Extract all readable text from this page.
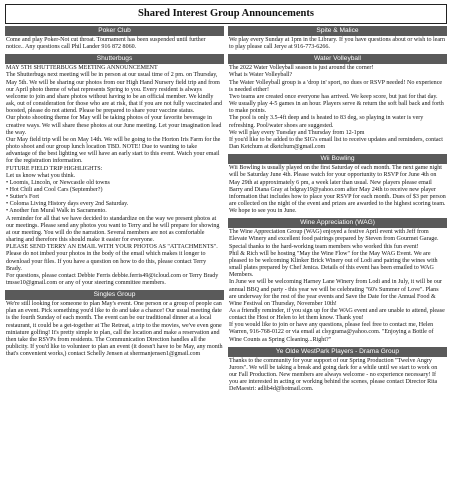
Shared Interest Group Announcements
Poker Club

Come and play Poker-Not cut throat. Tournament has been suspended until further notice.. Any questions call Phil Lander 916 872 8060.

Shutterbugs

MAY 5TH SHUTTERBUGS MEETING ANNOUNCEMENT

The Shutterbugs next meeting will be in person at our usual time of 2 pm. on Thursday, May 5th. We will be sharing our photos from our High Hand Nursery field trip and from our April photo theme of what represents Spring to you. Every resident is always welcome to join and share photos without having to be an official member. We kindly ask, out of consideration for those who are at risk, that if you are not fully vaccinated and boosted, please do not attend. Please be prepared to share your vaccine status.

Our photo shooting theme for May will be taking photos of your favorite beverage in creative ways. We will share these photos at our June meeting. Let your imagination lead the way.

Our May field trip will be on May 14th. We will be going to the Horton Iris Farm for the photo shoot and our group lunch location TBD. NOTE! Due to wanting to take advantage of the best lighting we will have an early start to this event. Watch your email for the registration information.

FUTURE FIELD TRIP HIGHLIGHTS:

Let us know what you think.

• Loomis, Lincoln, or Newcastle old towns

• Hot Chili and Cool Cars (September?)

• Sutter's Fort

• Coloma Living History days every 2nd Saturday.

• Another fun Mural Walk in Sacramento.

A reminder for all that we have decided to standardize on the way we present photos at our meetings. Please send any photos you want to Terry and he will prepare for showing at our meeting. You will do the narration. Several members are not as comfortable sharing and therefore this should make it easier for everyone.

PLEASE SEND TERRY AN EMAIL WITH YOUR PHOTOS AS "ATTACHMENTS". Please do not imbed your photos in the body of the email which makes it longer to download your files. If you have a question on how to do this, please contact Terry Brady.

For questions, please contact Debbie Ferris debbie.ferris49@icloud.com or Terry Brady tmsse10@gmail.com or any of your steering committee members.

Singles Group

We're still looking for someone to plan May's event. One person or a group of people can plan an event. Pick something you'd like to do and take a chance! Our usual meeting date is the fourth Sunday of each month. The event can be our traditional dinner at a local restaurant, it could be a get-together at The Retreat, a trip to the movies, we've even gone miniature golfing! It's pretty simple to plan, call the location and make a reservation and then take the RSVPs from residents. The Communication Direction handles all the publicity. If you'd like to volunteer to plan an event (it doesn't have to be May, any month that's convenient works,) contact Schelly Jensen at shermanjensen1@gmail.com

Spite & Malice

We play every Sunday at 1pm in the Library. If you have questions about or wish to learn to play please call Jerye at 916-773-6266.

Water Volleyball

The 2022 Water Volleyball season is just around the corner!

What is Water Volleyball?

The Water Volleyball group is a 'drop in' sport, no dues or RSVP needed! No experience is needed either!

Two teams are created once everyone has arrived. We keep score, but just for that day. We usually play 4-5 games in an hour. Players serve & return the soft ball back and forth to make points.

The pool is only 3.5-4ft deep and is heated to 83 deg, so playing in water is very refreshing. Pool/water shoes are suggested.

We will play every Tuesday and Thursday from 12-1pm

If you'd like to be added to the SIG's email list to receive updates and reminders, contact Dan Ketchum at dketchum@gmail.com

Wii Bowling

Wii Bowling is usually played on the first Saturday of each month. The next game night will be Saturday June 4th. Please watch for your opportunity to RSVP for June 4th on May 29th at approximately 6 pm, a week later than usual. New players please email Barry and Diana Gray at bdgray19@yahoo.com after May 24th to receive new player information that includes how to place your RSVP for each month. Dues of $3 per person are collected on the night of the event and prizes are awarded to the highest scoring team. We hope to see you in June.

Wine Appreciation (WAG)

The Wine Appreciation Group (WAG) enjoyed a festive April event with Jeff from Elevate Winery and excellent food pairings prepared by Steven from Gourmet Garage. Special thanks to the hard-working team members who worked this fun event!

Phil & Rich will be hosting "May the Wine Flow" for the May WAG Event. We are pleased to be welcoming Klinker Brick Winery out of Lodi and pairing the wines with small plates prepared by Chef Jenica. Details of this event has been emailed to WAG Members.

In June we will be welcoming Harney Lane Winery from Lodi and in July, it will be our annual BBQ and party - this year we will be celebrating "60's Summer of Love". Plans are underway for the rest of the year events and Save the Date for the Annual Food & Wine Festival on Thursday, November 10th!

As a friendly reminder, if you sign up for the WAG event and are unable to attend, please contact the Host or Helen to let them know. Thank you!

If you would like to join or have any questions, please feel free to contact me, Helen Warren, 916-768-0122 or via email at clsygrama@yahoo.com. "Enjoying a Bottle of Wine Counts as Spring Cleaning...Right?"

Ye Olde WestPark Players - Drama Group

Thanks to the community for your support of our Spring Production "Twelve Angry Jurors". We will be taking a break and going dark for a while until we start to work on our Fall Production. New members are always welcome - no experience necessary! If you are interested in acting or working behind the scenes, please contact Director Rita DeMaestri: adlib4d@hotmail.com.
